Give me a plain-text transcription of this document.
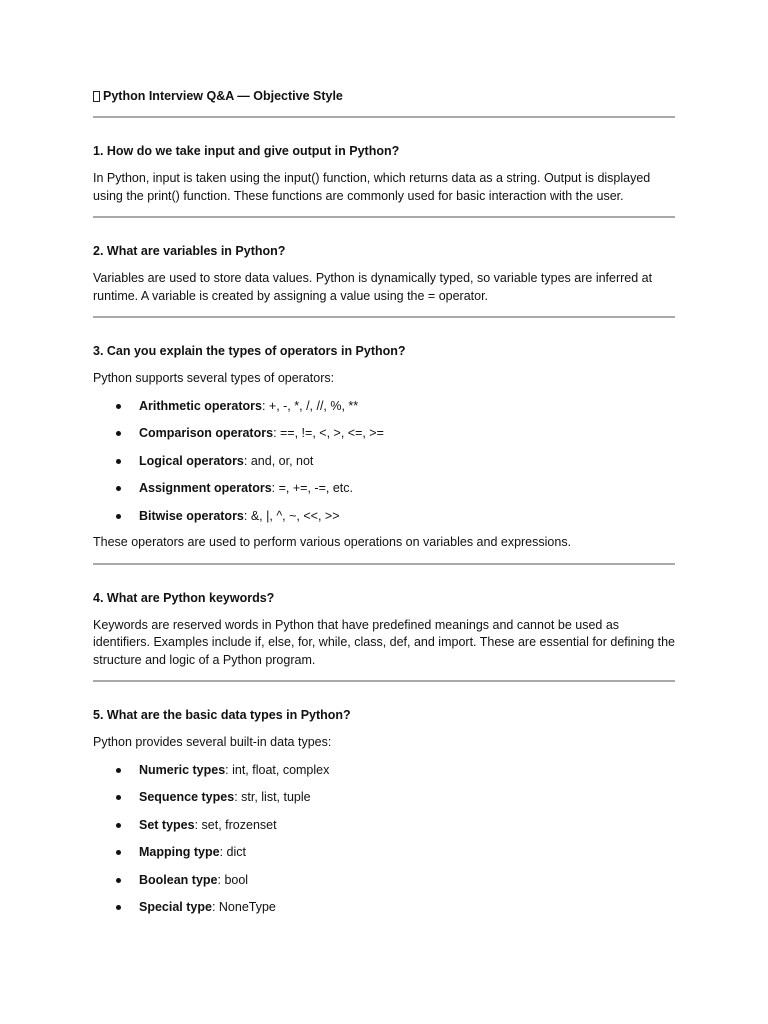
Python Interview Q&A — Objective Style

1. How do we take input and give output in Python?

In Python, input is taken using the input() function, which returns data as a string. Output is displayed using the print() function. These functions are commonly used for basic interaction with the user.

2. What are variables in Python?

Variables are used to store data values. Python is dynamically typed, so variable types are inferred at runtime. A variable is created by assigning a value using the = operator.

3. Can you explain the types of operators in Python?

Python supports several types of operators:

Arithmetic operators: +, -, *, /, //, %, **
Comparison operators: ==, !=, <, >, <=, >=
Logical operators: and, or, not
Assignment operators: =, +=, -=, etc.
Bitwise operators: &, |, ^, ~, <<, >>

These operators are used to perform various operations on variables and expressions.

4. What are Python keywords?

Keywords are reserved words in Python that have predefined meanings and cannot be used as identifiers. Examples include if, else, for, while, class, def, and import. These are essential for defining the structure and logic of a Python program.

5. What are the basic data types in Python?

Python provides several built-in data types:

Numeric types: int, float, complex
Sequence types: str, list, tuple
Set types: set, frozenset
Mapping type: dict
Boolean type: bool
Special type: NoneType
